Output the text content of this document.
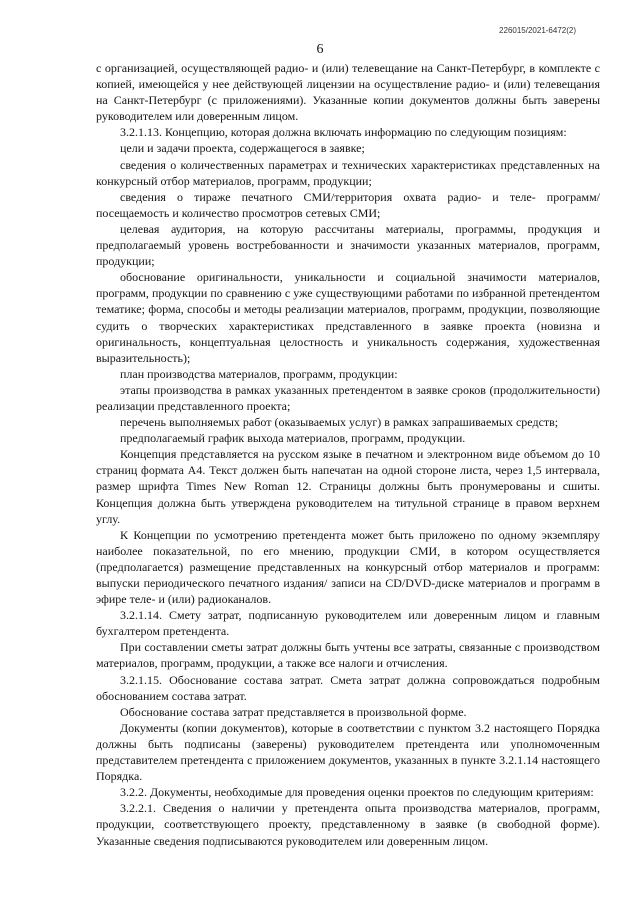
226015/2021-6472(2)
6

с организацией, осуществляющей радио- и (или) телевещание на Санкт-Петербург, в комплекте с копией, имеющейся у нее действующей лицензии на осуществление радио- и (или) телевещания на Санкт-Петербург (с приложениями). Указанные копии документов должны быть заверены руководителем или доверенным лицом.

3.2.1.13. Концепцию, которая должна включать информацию по следующим позициям:

цели и задачи проекта, содержащегося в заявке;

сведения о количественных параметрах и технических характеристиках представленных на конкурсный отбор материалов, программ, продукции;

сведения о тираже печатного СМИ/территория охвата радио- и теле- программ/посещаемость и количество просмотров сетевых СМИ;

целевая аудитория, на которую рассчитаны материалы, программы, продукция и предполагаемый уровень востребованности и значимости указанных материалов, программ, продукции;

обоснование оригинальности, уникальности и социальной значимости материалов, программ, продукции по сравнению с уже существующими работами по избранной претендентом тематике; форма, способы и методы реализации материалов, программ, продукции, позволяющие судить о творческих характеристиках представленного в заявке проекта (новизна и оригинальность, концептуальная целостность и уникальность содержания, художественная выразительность);

план производства материалов, программ, продукции:

этапы производства в рамках указанных претендентом в заявке сроков (продолжительности) реализации представленного проекта;

перечень выполняемых работ (оказываемых услуг) в рамках запрашиваемых средств;

предполагаемый график выхода материалов, программ, продукции.

Концепция представляется на русском языке в печатном и электронном виде объемом до 10 страниц формата А4. Текст должен быть напечатан на одной стороне листа, через 1,5 интервала, размер шрифта Times New Roman 12. Страницы должны быть пронумерованы и сшиты. Концепция должна быть утверждена руководителем на титульной странице в правом верхнем углу.

К Концепции по усмотрению претендента может быть приложено по одному экземпляру наиболее показательной, по его мнению, продукции СМИ, в котором осуществляется (предполагается) размещение представленных на конкурсный отбор материалов и программ: выпуски периодического печатного издания/ записи на CD/DVD-диске материалов и программ в эфире теле- и (или) радиоканалов.

3.2.1.14. Смету затрат, подписанную руководителем или доверенным лицом и главным бухгалтером претендента.

При составлении сметы затрат должны быть учтены все затраты, связанные с производством материалов, программ, продукции, а также все налоги и отчисления.

3.2.1.15. Обоснование состава затрат. Смета затрат должна сопровождаться подробным обоснованием состава затрат.

Обоснование состава затрат представляется в произвольной форме.

Документы (копии документов), которые в соответствии с пунктом 3.2 настоящего Порядка должны быть подписаны (заверены) руководителем претендента или уполномоченным представителем претендента с приложением документов, указанных в пункте 3.2.1.14 настоящего Порядка.

3.2.2. Документы, необходимые для проведения оценки проектов по следующим критериям:

3.2.2.1. Сведения о наличии у претендента опыта производства материалов, программ, продукции, соответствующего проекту, представленному в заявке (в свободной форме). Указанные сведения подписываются руководителем или доверенным лицом.
